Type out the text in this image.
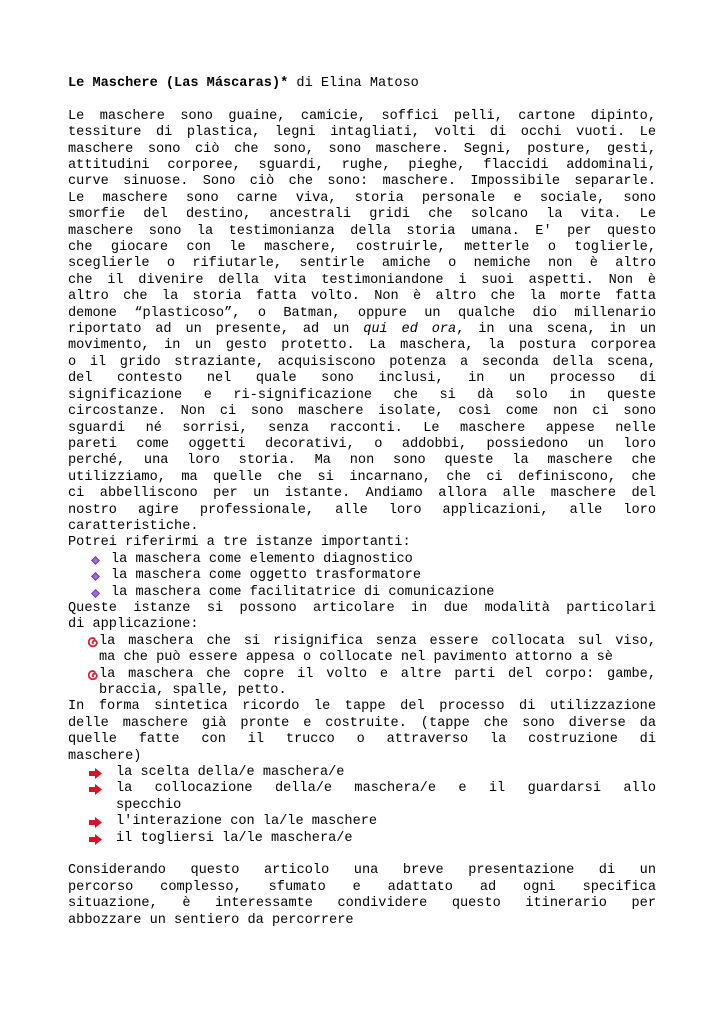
Le Maschere (Las Máscaras)* di Elina Matoso

Le maschere sono guaine, camicie, soffici pelli, cartone dipinto,
tessiture di plastica, legni intagliati, volti di occhi vuoti. Le
maschere sono ciò che sono, sono maschere. Segni, posture, gesti,
attitudini corporee, sguardi, rughe, pieghe, flaccidi addominali,
curve sinuose. Sono ciò che sono: maschere. Impossibile separarle.
Le maschere sono carne viva, storia personale e sociale, sono
smorfie del destino, ancestrali gridi che solcano la vita. Le
maschere sono la testimonianza della storia umana. E' per questo
che giocare con le maschere, costruirle, metterle o toglierle,
sceglierle o rifiutarle, sentirle amiche o nemiche non è altro
che il divenire della vita testimoniandone i suoi aspetti. Non è
altro che la storia fatta volto. Non è altro che la morte fatta
demone “plasticoso”, o Batman, oppure un qualche dio millenario
riportato ad un presente, ad un qui ed ora, in una scena, in un
movimento, in un gesto protetto. La maschera, la postura corporea
o il grido straziante, acquisiscono potenza a seconda della scena,
del contesto nel quale sono inclusi, in un processo di
significazione e ri-significazione che si dà solo in queste
circostanze. Non ci sono maschere isolate, così come non ci sono
sguardi né sorrisi, senza racconti. Le maschere appese nelle
pareti come oggetti decorativi, o addobbi, possiedono un loro
perché, una loro storia. Ma non sono queste la maschere che
utilizziamo, ma quelle che si incarnano, che ci definiscono, che
ci abbelliscono per un istante. Andiamo allora alle maschere del
nostro agire professionale, alle loro applicazioni, alle loro
caratteristiche.

Potrei riferirmi a tre istanze importanti:

la maschera come elemento diagnostico
la maschera come oggetto trasformatore
la maschera come facilitatrice di comunicazione
Queste istanze si possono articolare in due modalità particolari
di applicazione:
la maschera che si risignifica senza essere collocata sul viso,
ma che può essere appesa o collocate nel pavimento attorno a sè
la maschera che copre il volto e altre parti del corpo: gambe,
braccia, spalle, petto.
In forma sintetica ricordo le tappe del processo di utilizzazione
delle maschere già pronte e costruite. (tappe che sono diverse da
quelle fatte con il trucco o attraverso la costruzione di
maschere)
la scelta della/e maschera/e
la collocazione della/e maschera/e e il guardarsi allo
specchio
l'interazione con la/le maschere
il togliersi la/le maschera/e
Considerando questo articolo una breve presentazione di un
percorso complesso, sfumato e adattato ad ogni specifica
situazione, è interessamte condividere questo itinerario per
abbozzare un sentiero da percorrere
